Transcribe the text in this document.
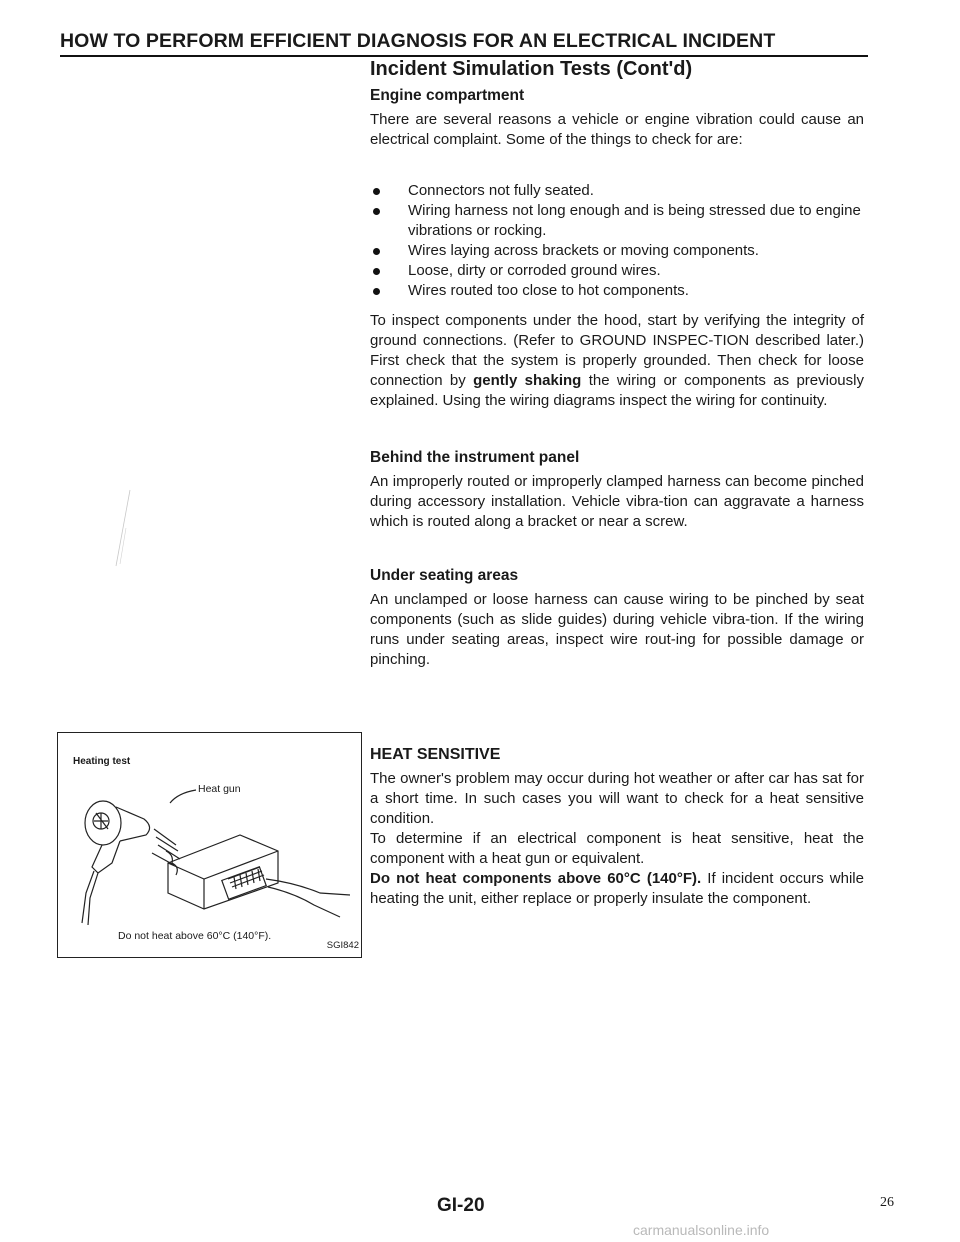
HOW TO PERFORM EFFICIENT DIAGNOSIS FOR AN ELECTRICAL INCIDENT
Incident Simulation Tests (Cont'd)
Engine compartment

There are several reasons a vehicle or engine vibration could cause an electrical complaint. Some of the things to check for are:

Connectors not fully seated.
Wiring harness not long enough and is being stressed due to engine vibrations or rocking.
Wires laying across brackets or moving components.
Loose, dirty or corroded ground wires.
Wires routed too close to hot components.

To inspect components under the hood, start by verifying the integrity of ground connections. (Refer to GROUND INSPEC-TION described later.) First check that the system is properly grounded. Then check for loose connection by gently shaking the wiring or components as previously explained. Using the wiring diagrams inspect the wiring for continuity.

Behind the instrument panel

An improperly routed or improperly clamped harness can become pinched during accessory installation. Vehicle vibra-tion can aggravate a harness which is routed along a bracket or near a screw.

Under seating areas

An unclamped or loose harness can cause wiring to be pinched by seat components (such as slide guides) during vehicle vibra-tion. If the wiring runs under seating areas, inspect wire rout-ing for possible damage or pinching.

HEAT SENSITIVE

The owner's problem may occur during hot weather or after car has sat for a short time. In such cases you will want to check for a heat sensitive condition.

To determine if an electrical component is heat sensitive, heat the component with a heat gun or equivalent.

Do not heat components above 60°C (140°F). If incident occurs while heating the unit, either replace or properly insulate the component.

Heating test
Heat gun
Do not heat above 60°C (140°F).
SGI842
GI-20	26
carmanualsonline.info
